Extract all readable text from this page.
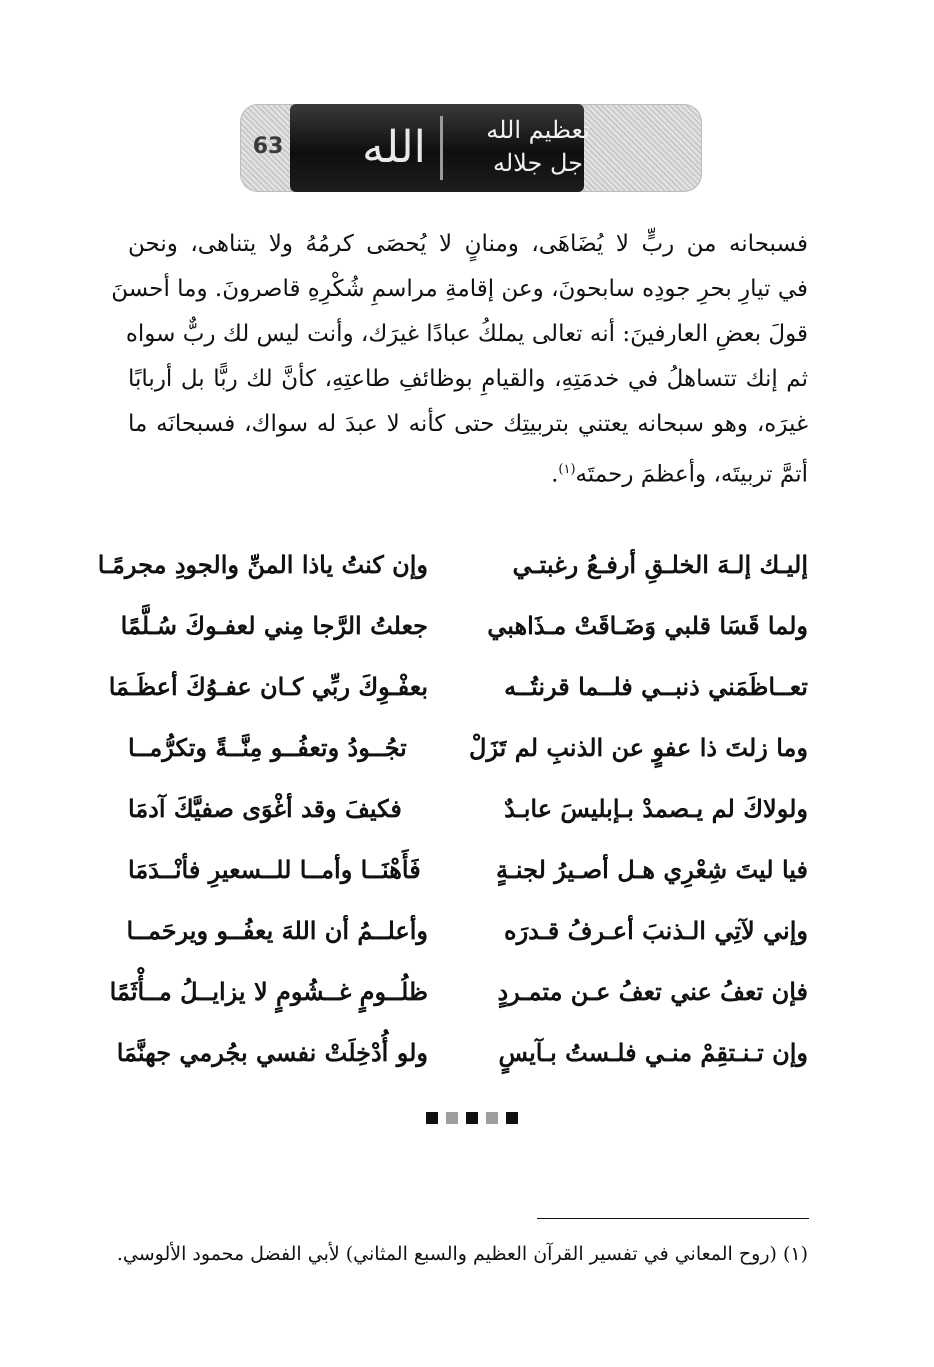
63 الله	تعظيم الله
جل جلاله

فسبحانه من ربٍّ لا يُضَاهَى، ومنانٍ لا يُحصَى كرمُهُ ولا يتناهى، ونحن

في تيارِ بحرِ جودِه سابحونَ، وعن إقامةِ مراسمِ شُكْرِهِ قاصرونَ. وما أحسنَ

قولَ بعضِ العارفينَ: أنه تعالى يملكُ عبادًا غيرَك، وأنت ليس لك ربٌّ سواه

ثم إنك تتساهلُ في خدمَتِهِ، والقيامِ بوظائفِ طاعتِهِ، كأنَّ لك ربًّا بل أربابًا

غيرَه، وهو سبحانه يعتني بتربيتِك حتى كأنه لا عبدَ له سواك، فسبحانَه ما

أتمَّ تربيتَه، وأعظمَ رحمتَه$^{(١)}$.

إليـك إلـهَ الخلـقِ أرفـعُ رغبتـي
وإن كنتُ ياذا المنِّ والجودِ مجرمًـا
ولما قَسَا قلبي وَضَـاقَتْ مـذَاهبي
جعلتُ الرَّجا مِني لعفـوكَ سُـلَّمًا
تعــاظَمَني ذنبــي فلــما قرنتُــه
بعفْـوِكَ ربِّي كـان عفـوُكَ أعظَـمَا
وما زلتَ ذا عفوٍ عن الذنبِ لم تَزَلْ
تجُــودُ وتعفُــو مِنَّــةً وتكرُّمــا
ولولاكَ لم يـصمدْ بـإبليسَ عابـدٌ
فكيفَ وقد أغْوَى صفيَّكَ آدمَا
فيا ليتَ شِعْرِي هـل أصـيرُ لجنـةٍ
فَأَهْنَــا وأمــا للــسعيرِ فأنْــدَمَا
وإني لآتِي الـذنبَ أعـرفُ قـدرَه
وأعلــمُ أن اللهَ يعفُــو ويرحَمــا
فإن تعفُ عني تعفُ عـن متمـردٍ
ظلُــومٍ غــشُومٍ لا يزايــلُ مــأْثَمًا
وإن تـنـتقِمْ منـي فلـستُ بـآيسٍ
ولو أُدْخِلَتْ نفسي بجُرمي جهنَّمَا
(١) (روح المعاني في تفسير القرآن العظيم والسبع المثاني) لأبي الفضل محمود الألوسي.
